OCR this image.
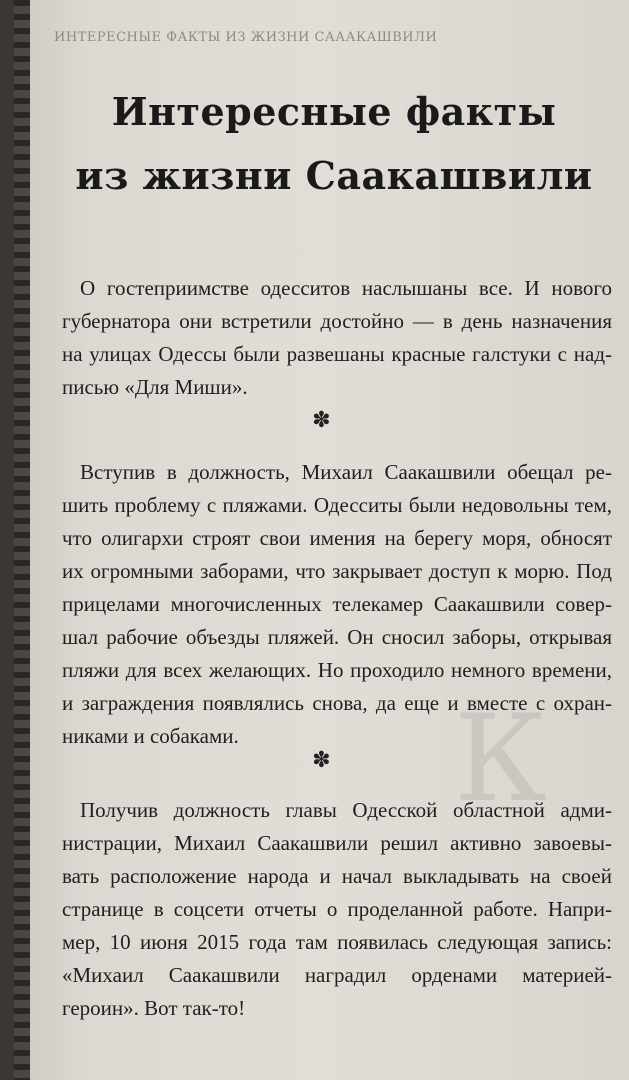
К
ИНТЕРЕСНЫЕ ФАКТЫ ИЗ ЖИЗНИ САААКАШВИЛИ
Интересные факты
из жизни Саакашвили
О гостеприимстве одесситов наслышаны все. И нового
губернатора они встретили достойно — в день назначения
на улицах Одессы были развешаны красные галстуки с над-
писью «Для Миши».
✽
Вступив в должность, Михаил Саакашвили обещал ре-
шить проблему с пляжами. Одесситы были недовольны тем,
что олигархи строят свои имения на берегу моря, обносят
их огромными заборами, что закрывает доступ к морю. Под
прицелами многочисленных телекамер Саакашвили совер-
шал рабочие объезды пляжей. Он сносил заборы, открывая
пляжи для всех желающих. Но проходило немного времени,
и заграждения появлялись снова, да еще и вместе с охран-
никами и собаками.
✽
Получив должность главы Одесской областной адми-
нистрации, Михаил Саакашвили решил активно завоевы-
вать расположение народа и начал выкладывать на своей
странице в соцсети отчеты о проделанной работе. Напри-
мер, 10 июня 2015 года там появилась следующая запись:
«Михаил Саакашвили наградил орденами материей-
героин». Вот так-то!
